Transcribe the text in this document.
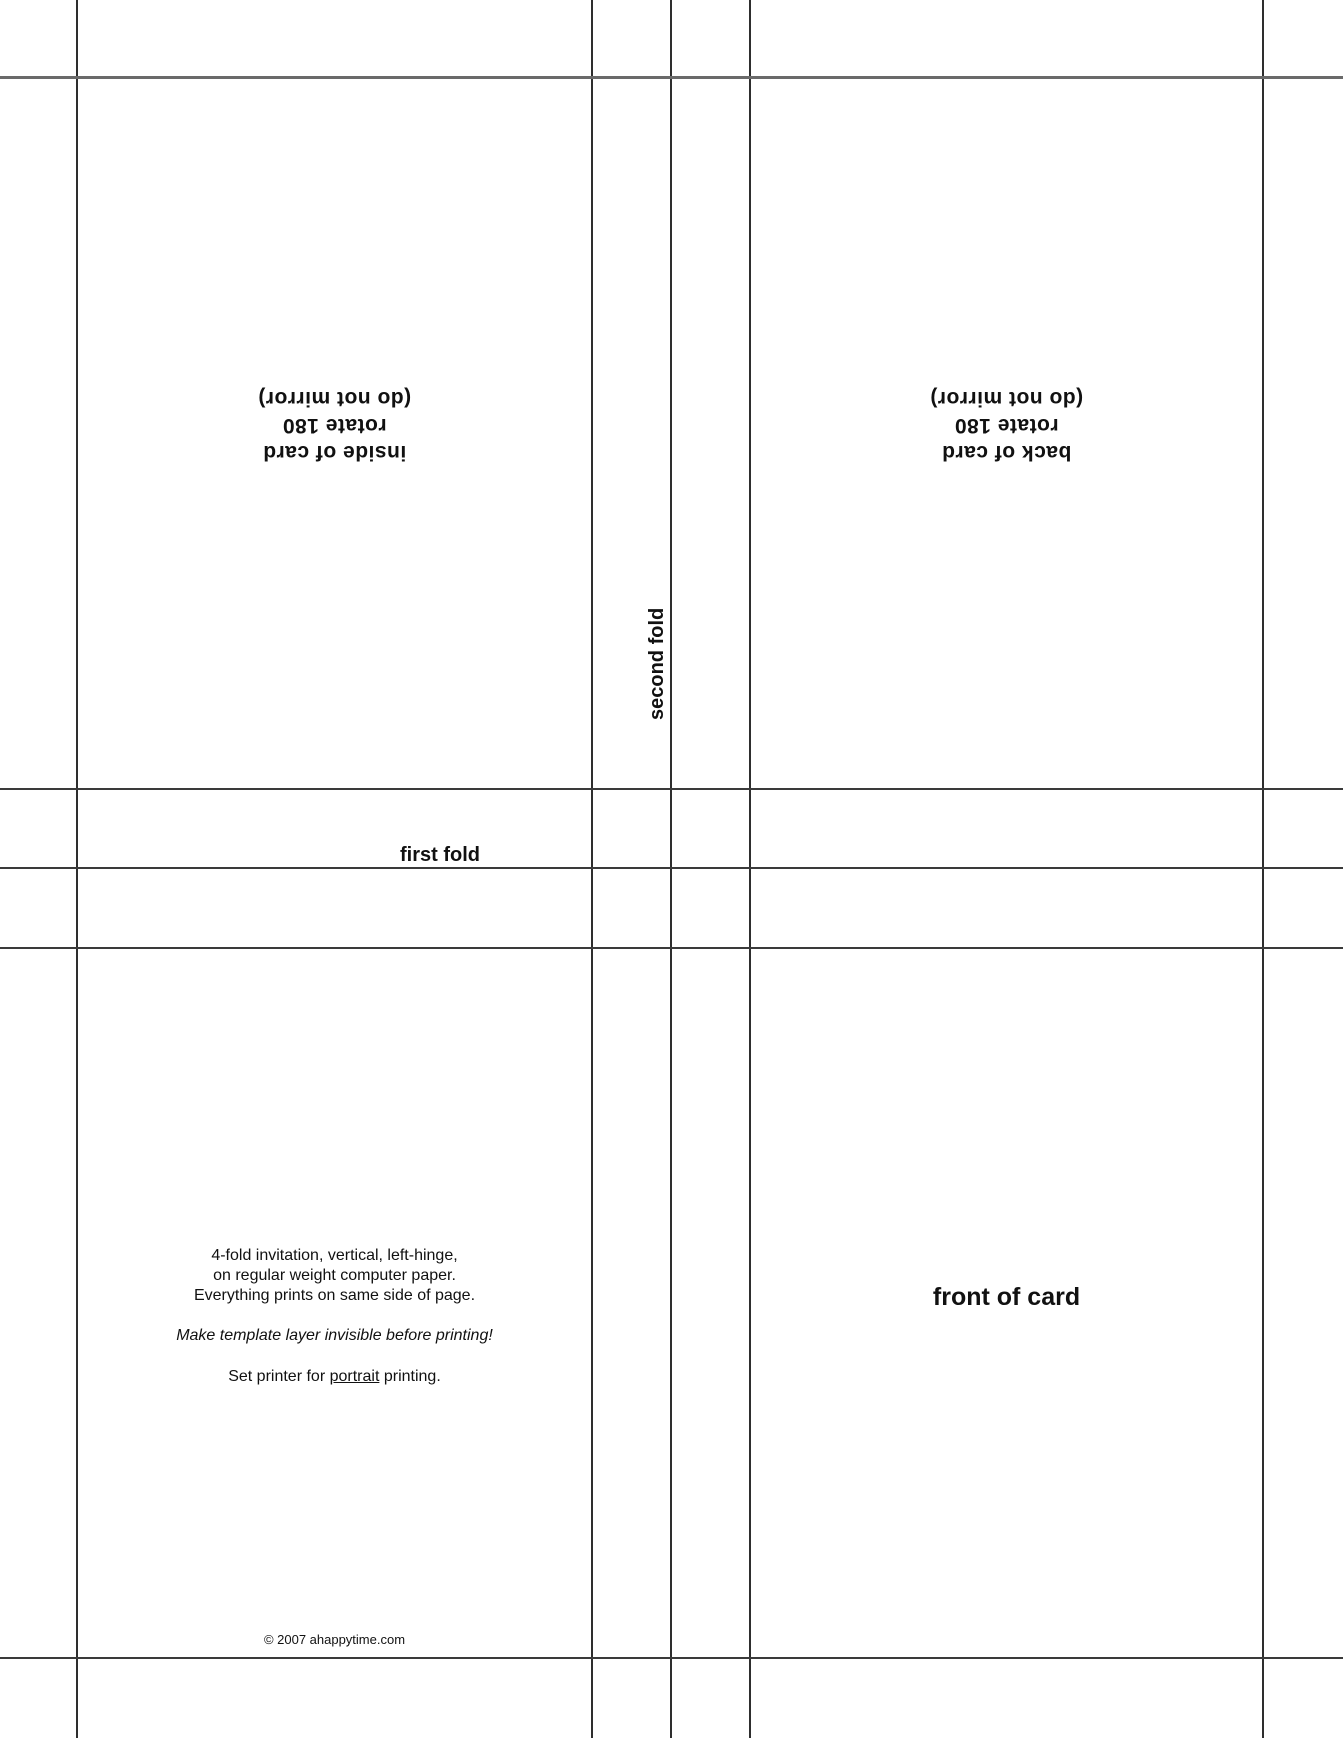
inside of card
rotate 180
(do not mirror)
back of card
rotate 180
(do not mirror)
second fold
first fold
4-fold invitation, vertical, left-hinge,
on regular weight computer paper.
Everything prints on same side of page.
Make template layer invisible before printing!
Set printer for portrait printing.
front of card
© 2007 ahappytime.com
